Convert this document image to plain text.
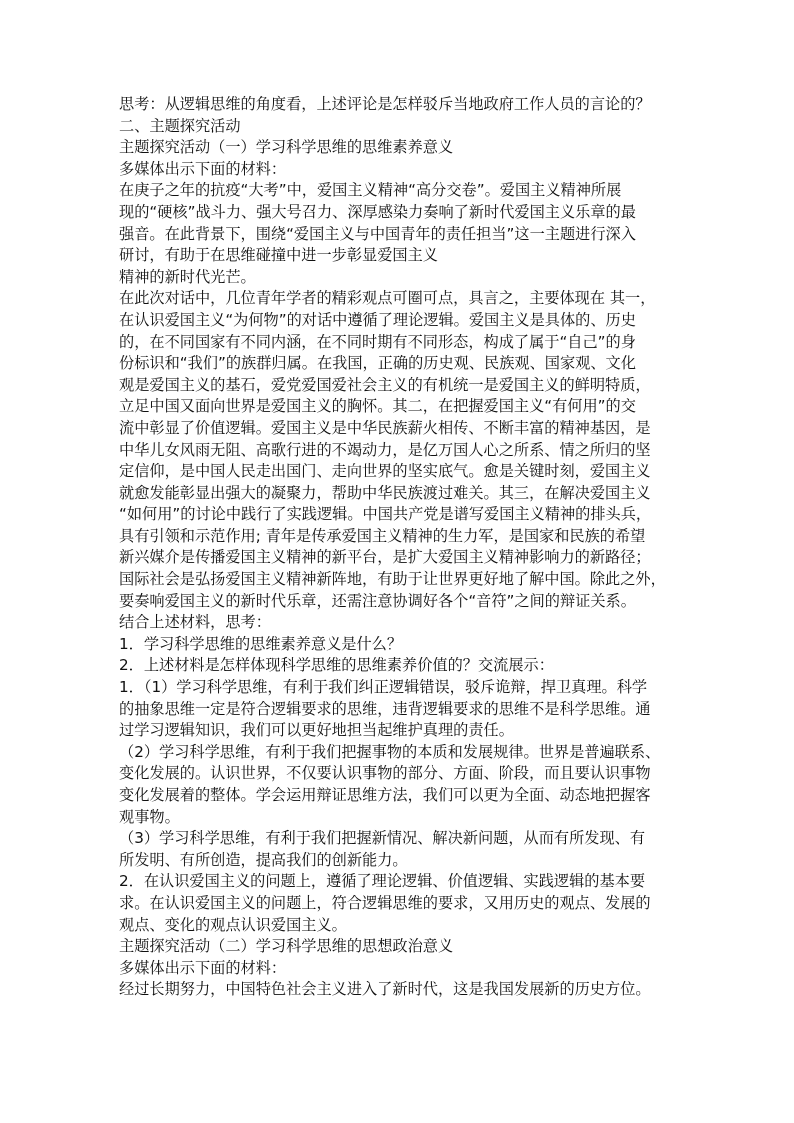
思考：从逻辑思维的角度看，上述评论是怎样驳斥当地政府工作人员的言论的？

二、主题探究活动

主题探究活动（一）学习科学思维的思维素养意义

多媒体出示下面的材料：

在庚子之年的抗疫“大考”中，爱国主义精神“高分交卷”。爱国主义精神所展

现的“硬核”战斗力、强大号召力、深厚感染力奏响了新时代爱国主义乐章的最

强音。在此背景下，围绕“爱国主义与中国青年的责任担当”这一主题进行深入

研讨，有助于在思维碰撞中进一步彰显爱国主义

精神的新时代光芒。

在此次对话中，几位青年学者的精彩观点可圈可点，具言之，主要体现在 其一，

在认识爱国主义“为何物”的对话中遵循了理论逻辑。爱国主义是具体的、历史

的，在不同国家有不同内涵，在不同时期有不同形态，构成了属于“自己”的身

份标识和“我们”的族群归属。在我国，正确的历史观、民族观、国家观、文化

观是爱国主义的基石，爱党爱国爱社会主义的有机统一是爱国主义的鲜明特质，

立足中国又面向世界是爱国主义的胸怀。其二，在把握爱国主义“有何用”的交

流中彰显了价值逻辑。爱国主义是中华民族薪火相传、不断丰富的精神基因，是

中华儿女风雨无阻、高歌行进的不竭动力，是亿万国人心之所系、情之所归的坚

定信仰，是中国人民走出国门、走向世界的坚实底气。愈是关键时刻，爱国主义

就愈发能彰显出强大的凝聚力，帮助中华民族渡过难关。其三，在解决爱国主义

“如何用”的讨论中践行了实践逻辑。中国共产党是谱写爱国主义精神的排头兵，

具有引领和示范作用; 青年是传承爱国主义精神的生力军，是国家和民族的希望

新兴媒介是传播爱国主义精神的新平台，是扩大爱国主义精神影响力的新路径；

国际社会是弘扬爱国主义精神新阵地，有助于让世界更好地了解中国。除此之外，

要奏响爱国主义的新时代乐章，还需注意协调好各个“音符”之间的辩证关系。

结合上述材料，思考：

1．学习科学思维的思维素养意义是什么？

2．上述材料是怎样体现科学思维的思维素养价值的？交流展示：

1．（1）学习科学思维，有利于我们纠正逻辑错误，驳斥诡辩，捍卫真理。科学

的抽象思维一定是符合逻辑要求的思维，违背逻辑要求的思维不是科学思维。通

过学习逻辑知识，我们可以更好地担当起维护真理的责任。

（2）学习科学思维，有利于我们把握事物的本质和发展规律。世界是普遍联系、

变化发展的。认识世界，不仅要认识事物的部分、方面、阶段，而且要认识事物

变化发展着的整体。学会运用辩证思维方法，我们可以更为全面、动态地把握客

观事物。

（3）学习科学思维，有利于我们把握新情况、解决新问题，从而有所发现、有

所发明、有所创造，提高我们的创新能力。

2．在认识爱国主义的问题上，遵循了理论逻辑、价值逻辑、实践逻辑的基本要

求。在认识爱国主义的问题上，符合逻辑思维的要求，又用历史的观点、发展的

观点、变化的观点认识爱国主义。

主题探究活动（二）学习科学思维的思想政治意义

多媒体出示下面的材料：

经过长期努力，中国特色社会主义进入了新时代，这是我国发展新的历史方位。
